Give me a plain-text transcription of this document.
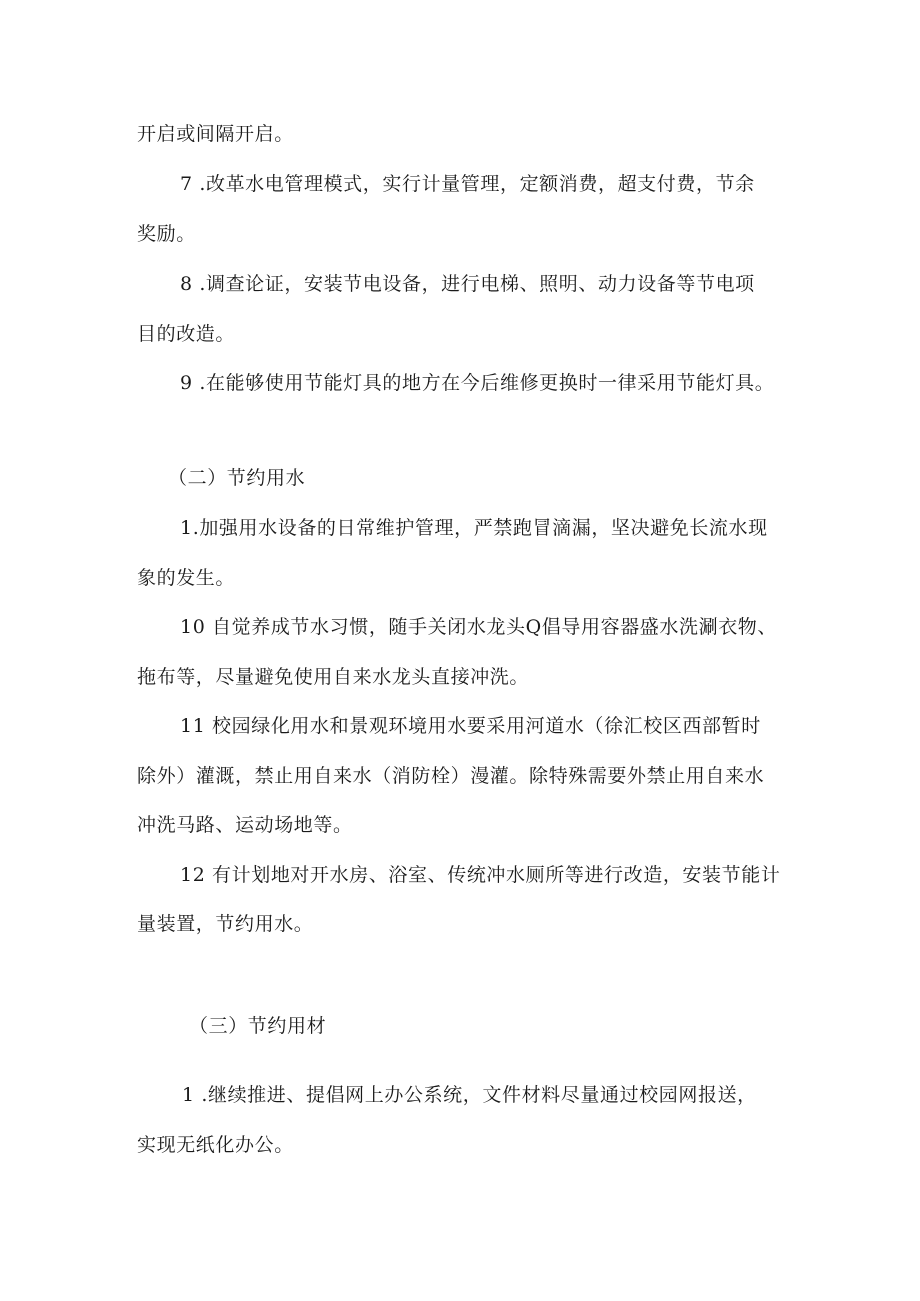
开启或间隔开启。
7 .改革水电管理模式，实行计量管理，定额消费，超支付费，节余
奖励。
8 .调查论证，安装节电设备，进行电梯、照明、动力设备等节电项
目的改造。
9 .在能够使用节能灯具的地方在今后维修更换时一律采用节能灯具。
（二）节约用水
1.加强用水设备的日常维护管理，严禁跑冒滴漏，坚决避免长流水现
象的发生。
10 自觉养成节水习惯，随手关闭水龙头Q倡导用容器盛水洗涮衣物、
拖布等，尽量避免使用自来水龙头直接冲洗。
11 校园绿化用水和景观环境用水要采用河道水（徐汇校区西部暂时
除外）灌溉，禁止用自来水（消防栓）漫灌。除特殊需要外禁止用自来水
冲洗马路、运动场地等。
12 有计划地对开水房、浴室、传统冲水厕所等进行改造，安装节能计
量装置，节约用水。
（三）节约用材
1 .继续推进、提倡网上办公系统，文件材料尽量通过校园网报送，
实现无纸化办公。
